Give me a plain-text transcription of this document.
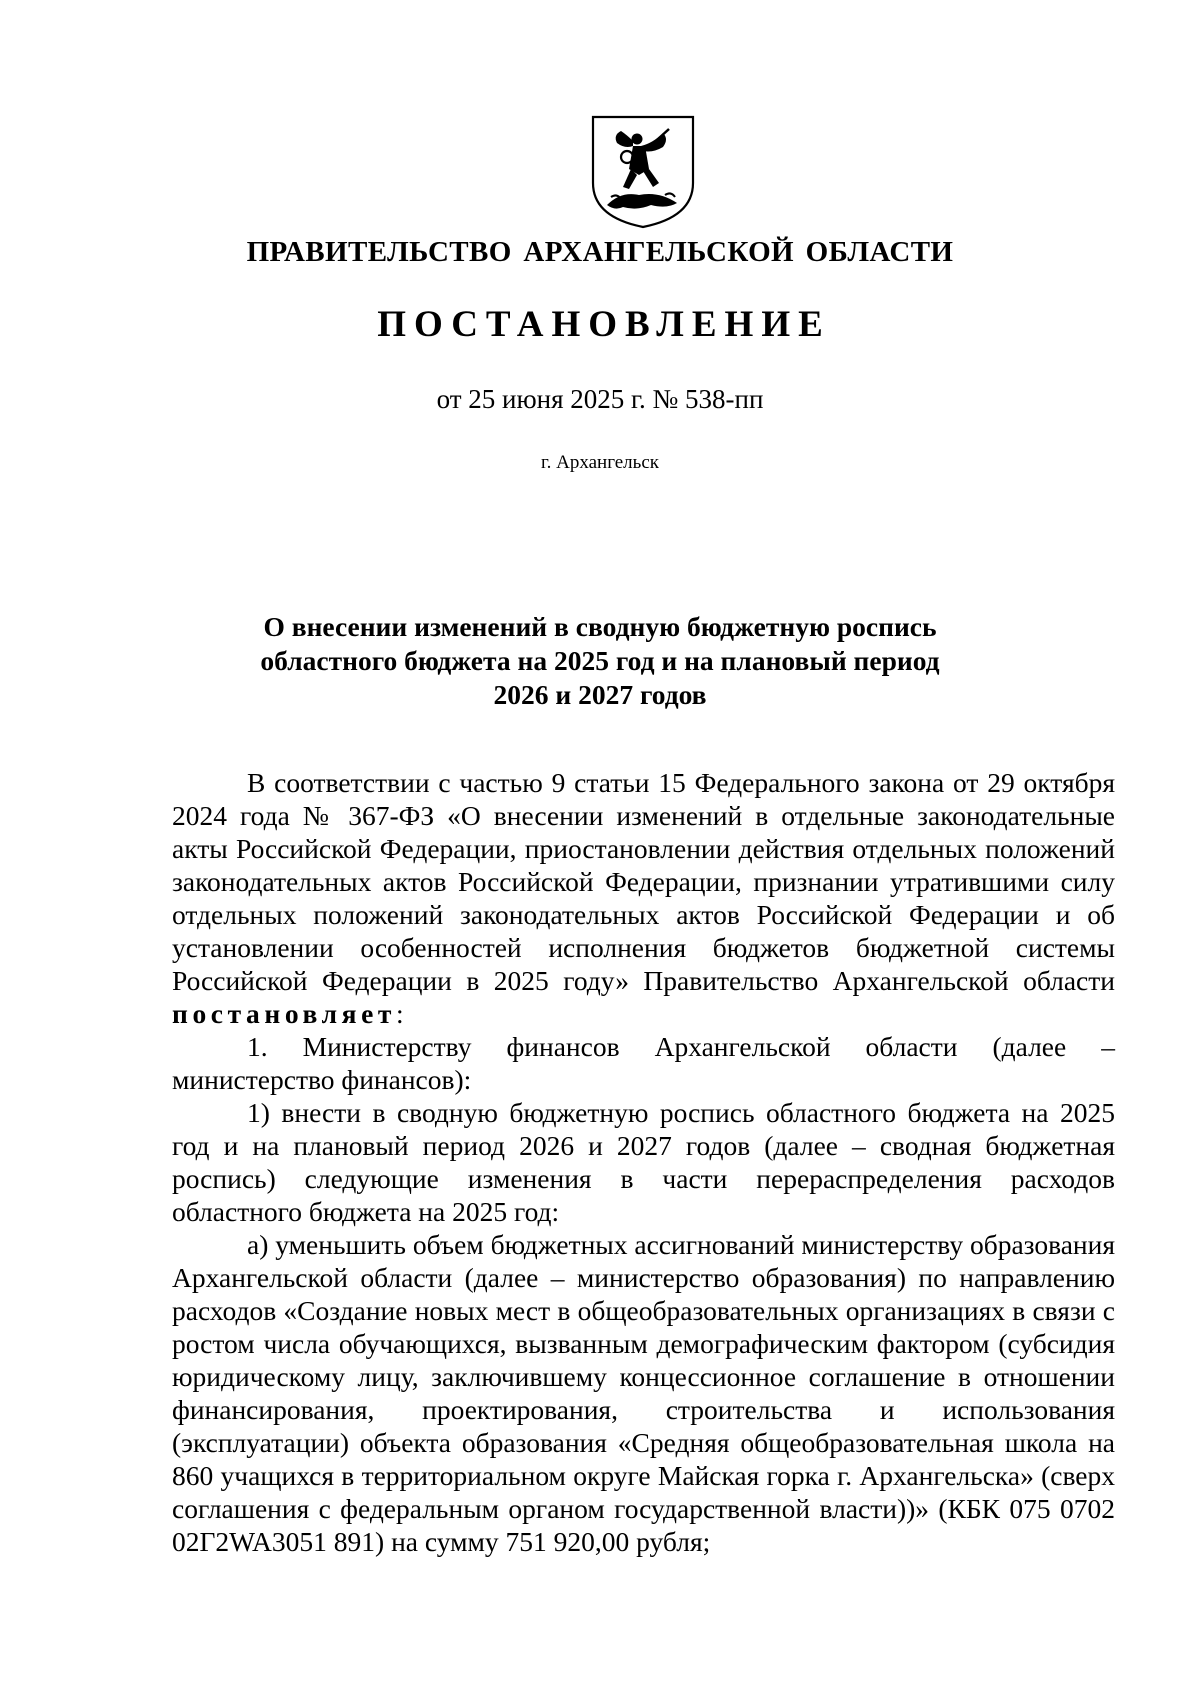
ПРАВИТЕЛЬСТВО АРХАНГЕЛЬСКОЙ ОБЛАСТИ
ПОСТАНОВЛЕНИЕ
от 25 июня 2025 г. № 538-пп
г. Архангельск
О внесении изменений в сводную бюджетную роспись
областного бюджета на 2025 год и на плановый период
2026 и 2027 годов

В соответствии с частью 9 статьи 15 Федерального закона от 29 октября 2024 года № 367-ФЗ «О внесении изменений в отдельные законодательные акты Российской Федерации, приостановлении действия отдельных положений законодательных актов Российской Федерации, признании утратившими силу отдельных положений законодательных актов Российской Федерации и об установлении особенностей исполнения бюджетов бюджетной системы Российской Федерации в 2025 году» Правительство Архангельской области постановляет:

1. Министерству финансов Архангельской области (далее – министерство финансов):

1) внести в сводную бюджетную роспись областного бюджета на 2025 год и на плановый период 2026 и 2027 годов (далее – сводная бюджетная роспись) следующие изменения в части перераспределения расходов областного бюджета на 2025 год:

а) уменьшить объем бюджетных ассигнований министерству образования Архангельской области (далее – министерство образования) по направлению расходов «Создание новых мест в общеобразовательных организациях в связи с ростом числа обучающихся, вызванным демографическим фактором (субсидия юридическому лицу, заключившему концессионное соглашение в отношении финансирования, проектирования, строительства и использования (эксплуатации) объекта образования «Средняя общеобразовательная школа на 860 учащихся в территориальном округе Майская горка г. Архангельска» (сверх соглашения с федеральным органом государственной власти))» (КБК 075 0702 02Г2WA3051 891) на сумму 751 920,00 рубля;
